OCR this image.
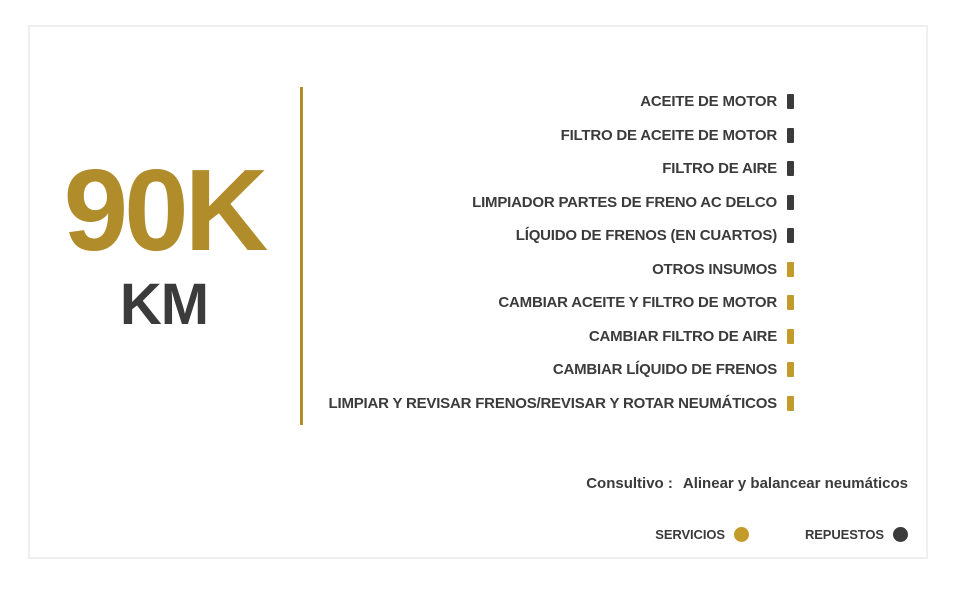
90K
KM
ACEITE DE MOTOR
FILTRO DE ACEITE DE MOTOR
FILTRO DE AIRE
LIMPIADOR PARTES DE FRENO AC DELCO
LÍQUIDO DE FRENOS (EN CUARTOS)
OTROS INSUMOS
CAMBIAR ACEITE Y FILTRO DE MOTOR
CAMBIAR FILTRO DE AIRE
CAMBIAR LÍQUIDO DE FRENOS
LIMPIAR Y REVISAR FRENOS/REVISAR Y ROTAR NEUMÁTICOS
Consultivo : Alinear y balancear neumáticos
SERVICIOS	REPUESTOS
